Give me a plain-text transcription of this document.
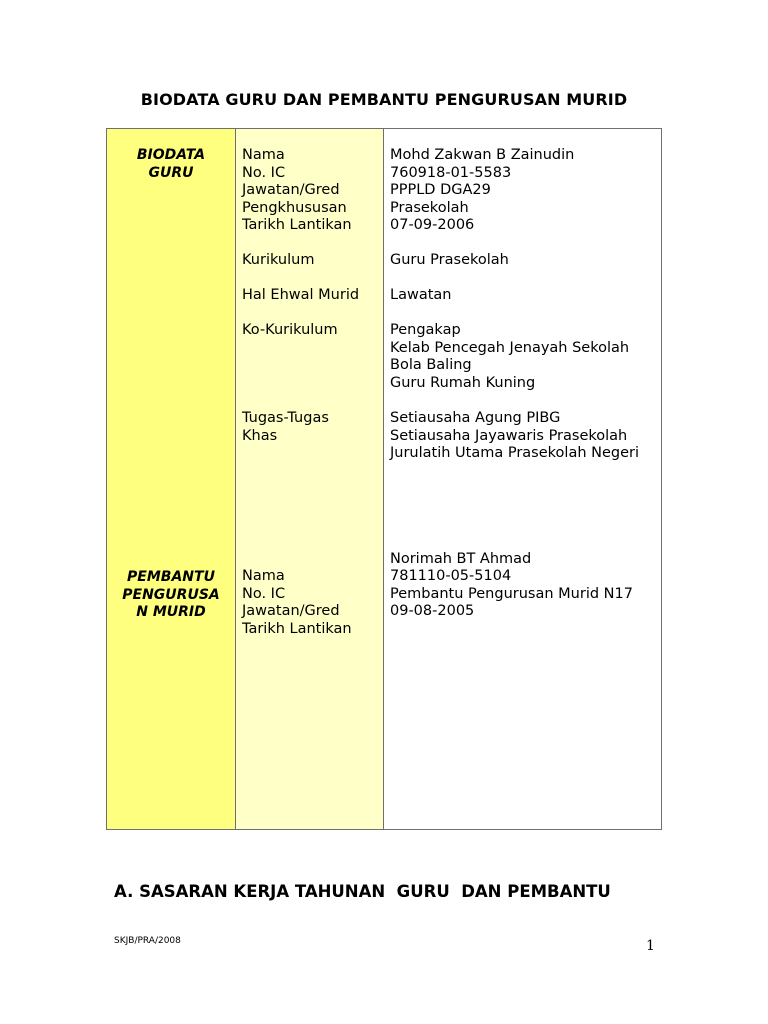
BIODATA GURU DAN PEMBANTU PENGURUSAN MURID
BIODATA
GURU
PEMBANTU
PENGURUSA
N MURID
Nama
No. IC
Jawatan/Gred
Pengkhususan
Tarikh Lantikan
Kurikulum
Hal Ehwal Murid
Ko-Kurikulum
Tugas-Tugas
Khas
Nama
No. IC
Jawatan/Gred
Tarikh Lantikan
Mohd Zakwan B Zainudin
760918-01-5583
PPPLD DGA29
Prasekolah
07-09-2006
Guru Prasekolah
Lawatan
Pengakap
Kelab Pencegah Jenayah Sekolah
Bola Baling
Guru Rumah Kuning
Setiausaha Agung PIBG
Setiausaha Jayawaris Prasekolah
Jurulatih Utama Prasekolah Negeri
Norimah BT Ahmad
781110-05-5104
Pembantu Pengurusan Murid N17
09-08-2005
A. SASARAN KERJA TAHUNAN  GURU  DAN PEMBANTU
SKJB/PRA/2008	1
